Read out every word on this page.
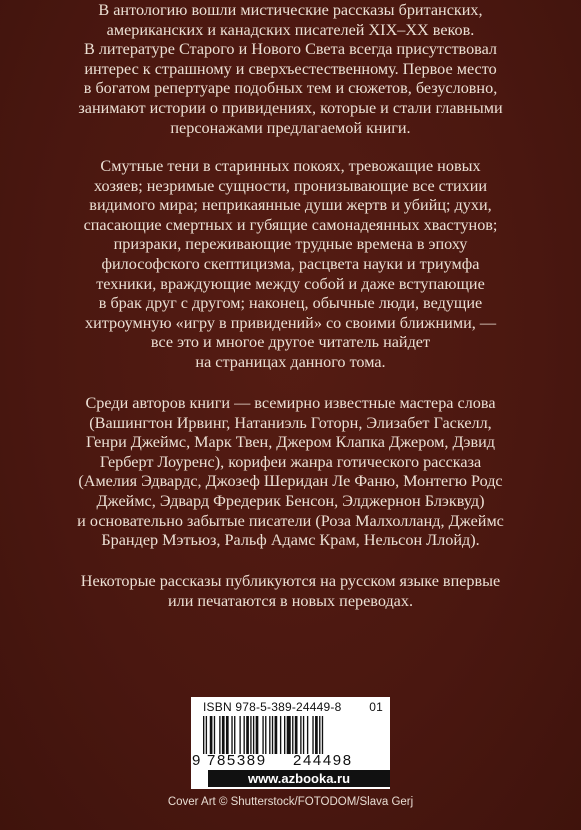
В антологию вошли мистические рассказы британских,
американских и канадских писателей XIX–XX веков.
В литературе Старого и Нового Света всегда присутствовал
интерес к страшному и сверхъестественному. Первое место
в богатом репертуаре подобных тем и сюжетов, безусловно,
занимают истории о привидениях, которые и стали главными
персонажами предлагаемой книги.
Смутные тени в старинных покоях, тревожащие новых
хозяев; незримые сущности, пронизывающие все стихии
видимого мира; неприкаянные души жертв и убийц; духи,
спасающие смертных и губящие самонадеянных хвастунов;
призраки, переживающие трудные времена в эпоху
философского скептицизма, расцвета науки и триумфа
техники, враждующие между собой и даже вступающие
в брак друг с другом; наконец, обычные люди, ведущие
хитроумную «игру в привидений» со своими ближними, —
все это и многое другое читатель найдет
на страницах данного тома.
Среди авторов книги — всемирно известные мастера слова
(Вашингтон Ирвинг, Натаниэль Готорн, Элизабет Гаскелл,
Генри Джеймс, Марк Твен, Джером Клапка Джером, Дэвид
Герберт Лоуренс), корифеи жанра готического рассказа
(Амелия Эдвардс, Джозеф Шеридан Ле Фаню, Монтегю Родс
Джеймс, Эдвард Фредерик Бенсон, Элджернон Блэквуд)
и основательно забытые писатели (Роза Малхолланд, Джеймс
Брандер Мэтьюз, Ральф Адамс Крам, Нельсон Ллойд).
Некоторые рассказы публикуются на русском языке впервые
или печатаются в новых переводах.
ISBN 978-5-389-24449-8 01
9 785389 244498
www.azbooka.ru
Cover Art © Shutterstock/FOTODOM/Slava Gerj
